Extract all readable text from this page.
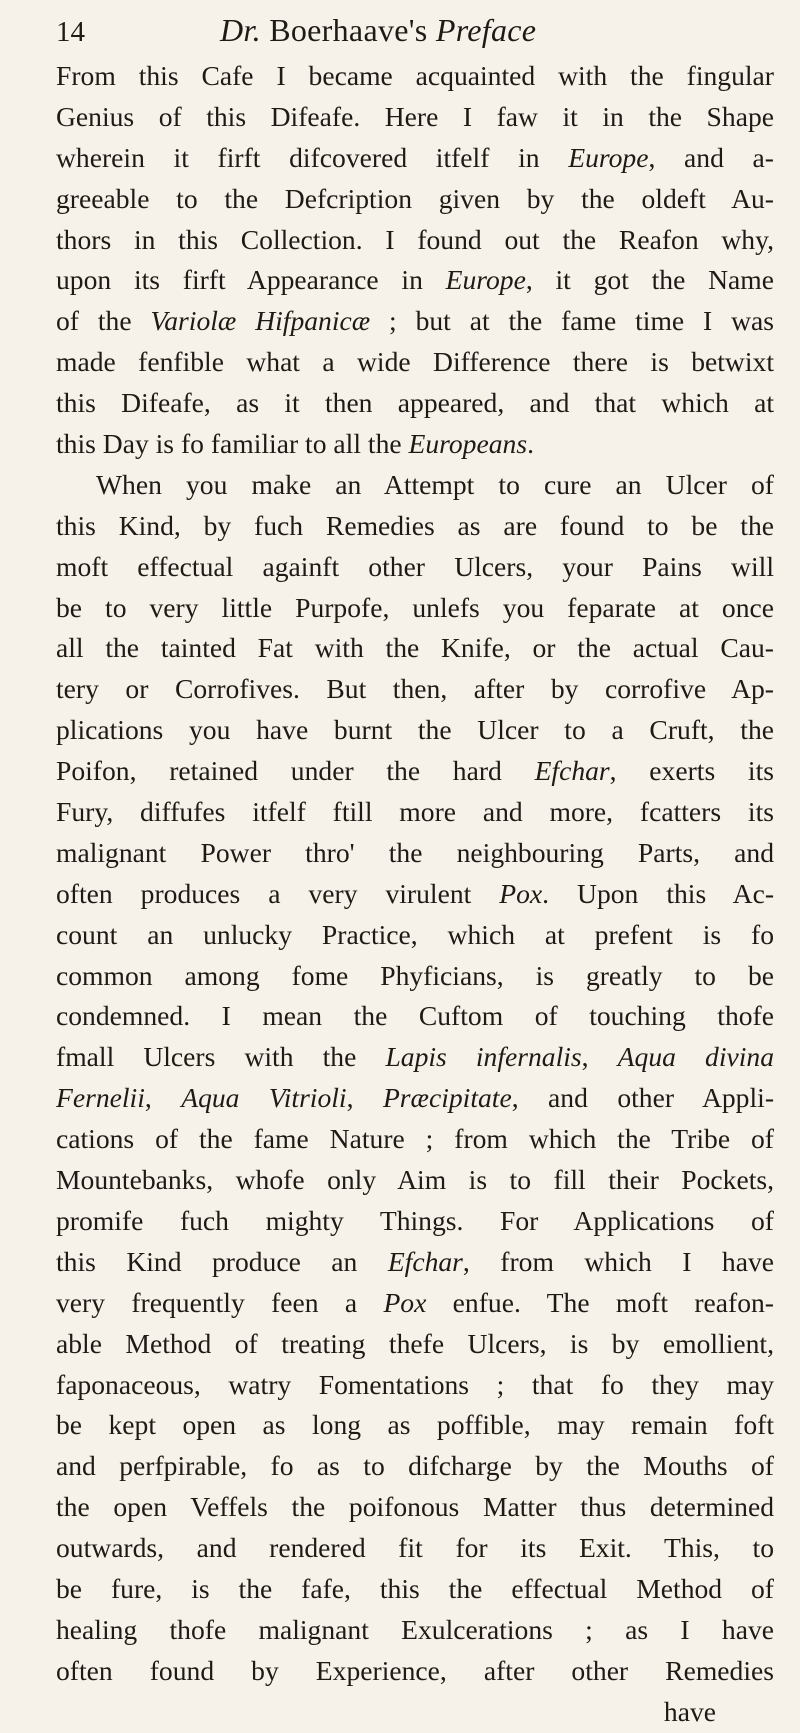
14	Dr. Boerhaave's Preface
From this Cafe I became acquainted with the fingular
Genius of this Difeafe. Here I faw it in the Shape
wherein it firft difcovered itfelf in Europe, and a-
greeable to the Defcription given by the oldeft Au-
thors in this Collection. I found out the Reafon why,
upon its firft Appearance in Europe, it got the Name
of the Variolæ Hifpanicæ ; but at the fame time I was
made fenfible what a wide Difference there is betwixt
this Difeafe, as it then appeared, and that which at
this Day is fo familiar to all the Europeans.
When you make an Attempt to cure an Ulcer of
this Kind, by fuch Remedies as are found to be the
moft effectual againft other Ulcers, your Pains will
be to very little Purpofe, unlefs you feparate at once
all the tainted Fat with the Knife, or the actual Cau-
tery or Corrofives. But then, after by corrofive Ap-
plications you have burnt the Ulcer to a Cruft, the
Poifon, retained under the hard Efchar, exerts its
Fury, diffufes itfelf ftill more and more, fcatters its
malignant Power thro' the neighbouring Parts, and
often produces a very virulent Pox. Upon this Ac-
count an unlucky Practice, which at prefent is fo
common among fome Phyficians, is greatly to be
condemned. I mean the Cuftom of touching thofe
fmall Ulcers with the Lapis infernalis, Aqua divina
Fernelii, Aqua Vitrioli, Præcipitate, and other Appli-
cations of the fame Nature ; from which the Tribe of
Mountebanks, whofe only Aim is to fill their Pockets,
promife fuch mighty Things. For Applications of
this Kind produce an Efchar, from which I have
very frequently feen a Pox enfue. The moft reafon-
able Method of treating thefe Ulcers, is by emollient,
faponaceous, watry Fomentations ; that fo they may
be kept open as long as poffible, may remain foft
and perfpirable, fo as to difcharge by the Mouths of
the open Veffels the poifonous Matter thus determined
outwards, and rendered fit for its Exit. This, to
be fure, is the fafe, this the effectual Method of
healing thofe malignant Exulcerations ; as I have
often found by Experience, after other Remedies
have
